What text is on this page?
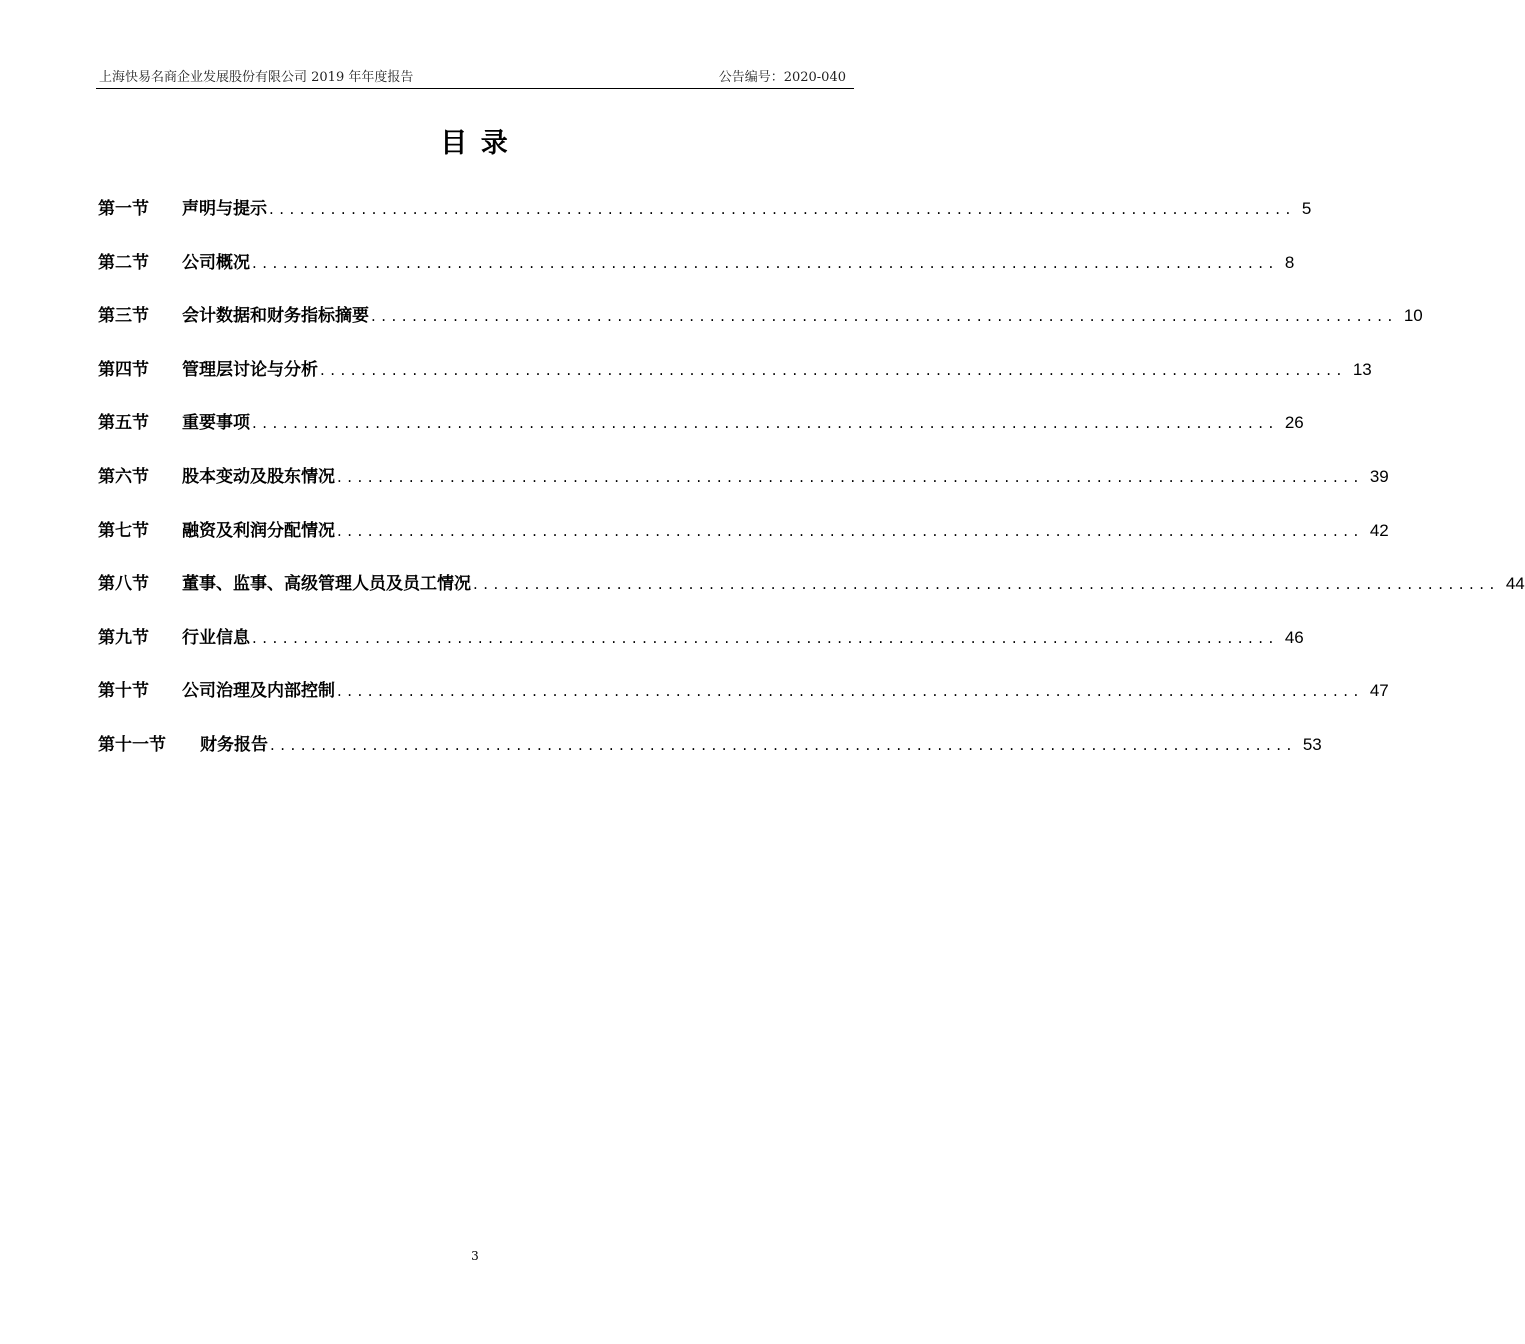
上海快易名商企业发展股份有限公司 2019 年年度报告	公告编号：2020-040
目 录
第一节 声明与提示 .................................................................................................... 5
第二节 公司概况 .................................................................................................... 8
第三节 会计数据和财务指标摘要 .................................................................................................... 10
第四节 管理层讨论与分析 .................................................................................................... 13
第五节 重要事项 .................................................................................................... 26
第六节 股本变动及股东情况 .................................................................................................... 39
第七节 融资及利润分配情况 .................................................................................................... 42
第八节 董事、监事、高级管理人员及员工情况 .................................................................................................... 44
第九节 行业信息 .................................................................................................... 46
第十节 公司治理及内部控制 .................................................................................................... 47
第十一节 财务报告 .................................................................................................... 53
3
